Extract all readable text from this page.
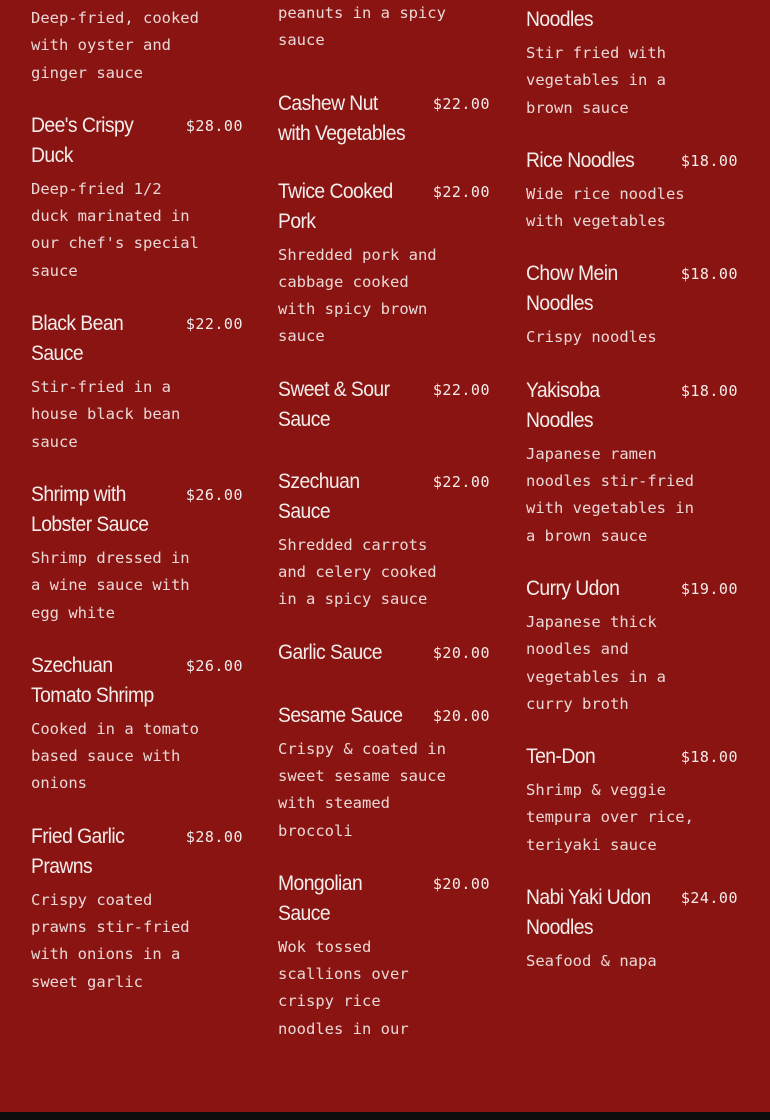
Deep-fried, cooked with oyster and ginger sauce
Dee's Crispy Duck
$28.00
Deep-fried 1/2 duck marinated in our chef's special sauce
Black Bean Sauce
$22.00
Stir-fried in a house black bean sauce
Shrimp with Lobster Sauce
$26.00
Shrimp dressed in a wine sauce with egg white
Szechuan Tomato Shrimp
$26.00
Cooked in a tomato based sauce with onions
Fried Garlic Prawns
$28.00
Crispy coated prawns stir-fried with onions in a sweet garlic
peanuts in a spicy sauce
Cashew Nut with Vegetables
$22.00
Twice Cooked Pork
$22.00
Shredded pork and cabbage cooked with spicy brown sauce
Sweet & Sour Sauce
$22.00
Szechuan Sauce
$22.00
Shredded carrots and celery cooked in a spicy sauce
Garlic Sauce	$20.00
Sesame Sauce	$20.00
Crispy & coated in sweet sesame sauce with steamed broccoli
Mongolian Sauce
$20.00
Wok tossed scallions over crispy rice noodles in our
Noodles
Stir fried with vegetables in a brown sauce
Rice Noodles	$18.00
Wide rice noodles with vegetables
Chow Mein Noodles
$18.00
Crispy noodles
Yakisoba Noodles
$18.00
Japanese ramen noodles stir-fried with vegetables in a brown sauce
Curry Udon	$19.00
Japanese thick noodles and vegetables in a curry broth
Ten-Don	$18.00
Shrimp & veggie tempura over rice, teriyaki sauce
Nabi Yaki Udon Noodles
$24.00
Seafood & napa
